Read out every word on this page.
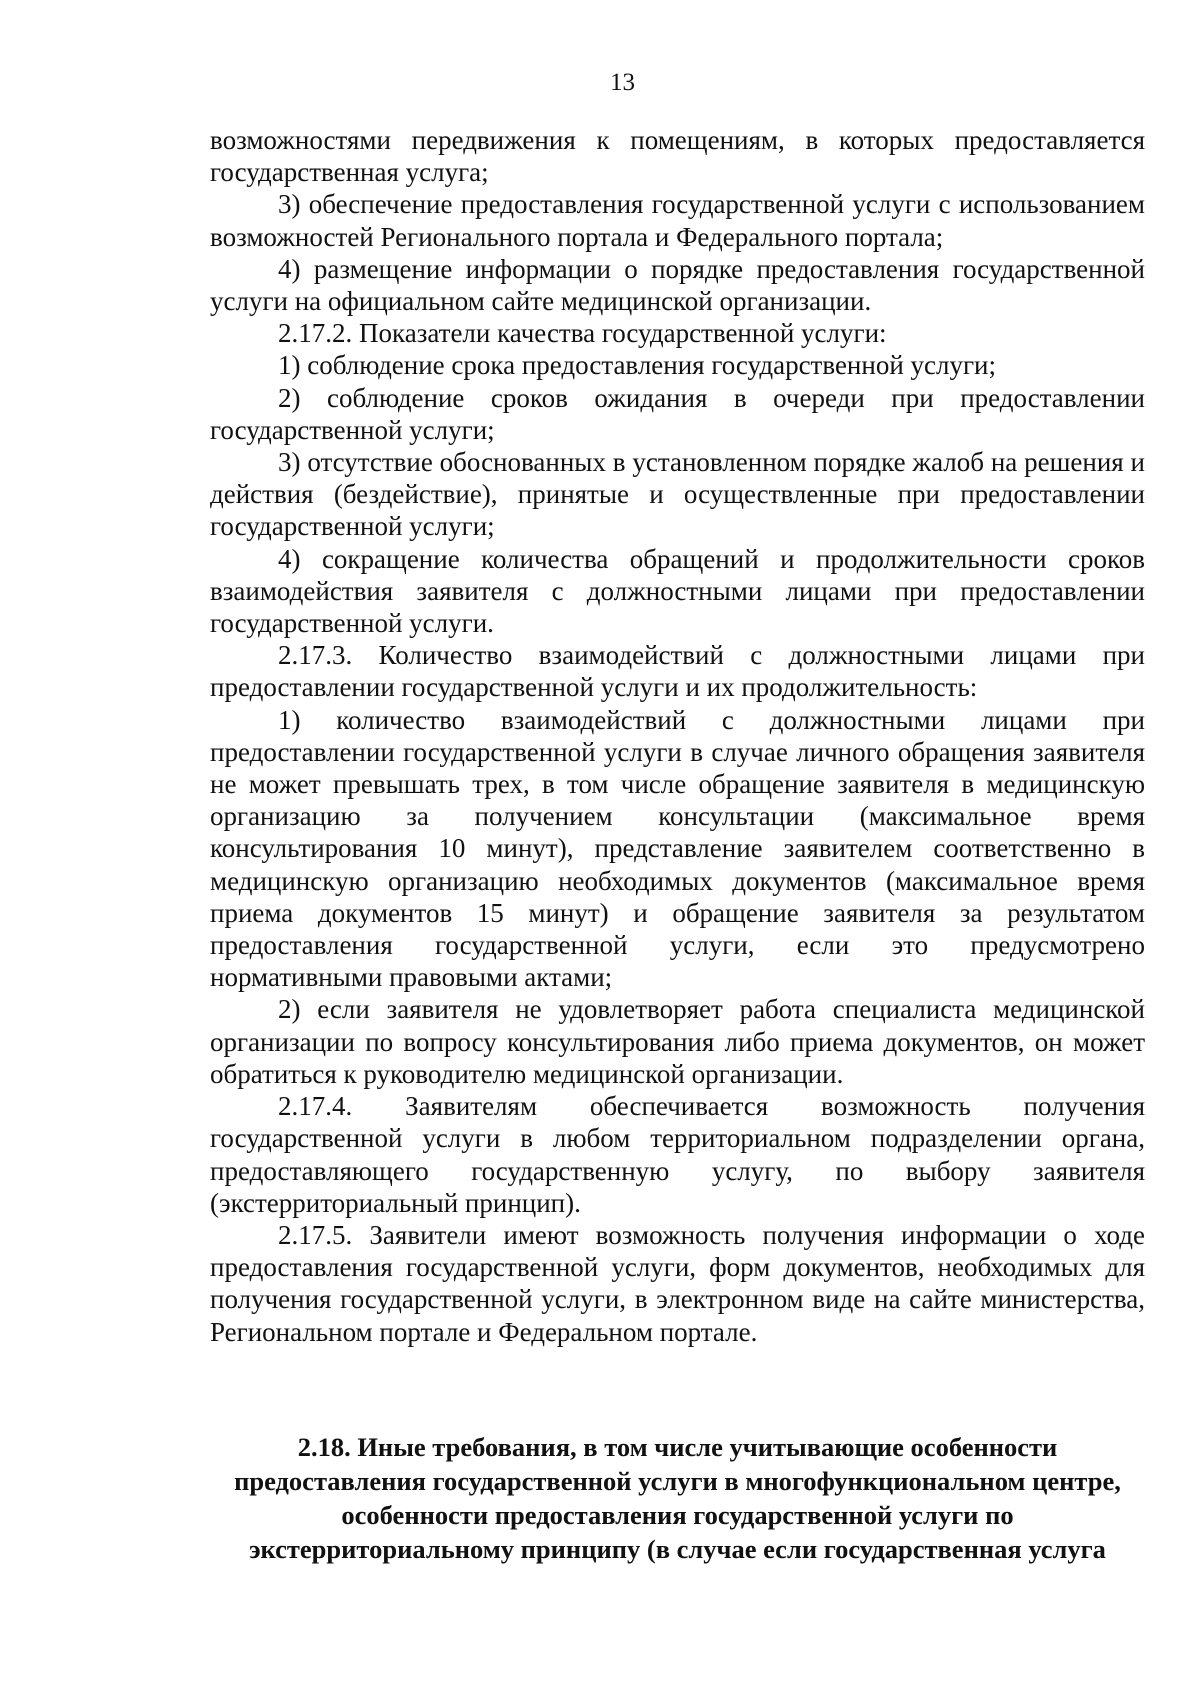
13

возможностями передвижения к помещениям, в которых предоставляется государственная услуга;

3) обеспечение предоставления государственной услуги с использованием возможностей Регионального портала и Федерального портала;

4) размещение информации о порядке предоставления государственной услуги на официальном сайте медицинской организации.

2.17.2. Показатели качества государственной услуги:

1) соблюдение срока предоставления государственной услуги;

2) соблюдение сроков ожидания в очереди при предоставлении государственной услуги;

3) отсутствие обоснованных в установленном порядке жалоб на решения и действия (бездействие), принятые и осуществленные при предоставлении государственной услуги;

4) сокращение количества обращений и продолжительности сроков взаимодействия заявителя с должностными лицами при предоставлении государственной услуги.

2.17.3. Количество взаимодействий с должностными лицами при предоставлении государственной услуги и их продолжительность:

1) количество взаимодействий с должностными лицами при предоставлении государственной услуги в случае личного обращения заявителя не может превышать трех, в том числе обращение заявителя в медицинскую организацию за получением консультации (максимальное время консультирования 10 минут), представление заявителем соответственно в медицинскую организацию необходимых документов (максимальное время приема документов 15 минут) и обращение заявителя за результатом предоставления государственной услуги, если это предусмотрено нормативными правовыми актами;

2) если заявителя не удовлетворяет работа специалиста медицинской организации по вопросу консультирования либо приема документов, он может обратиться к руководителю медицинской организации.

2.17.4. Заявителям обеспечивается возможность получения государственной услуги в любом территориальном подразделении органа, предоставляющего государственную услугу, по выбору заявителя (экстерриториальный принцип).

2.17.5. Заявители имеют возможность получения информации о ходе предоставления государственной услуги, форм документов, необходимых для получения государственной услуги, в электронном виде на сайте министерства, Региональном портале и Федеральном портале.

2.18. Иные требования, в том числе учитывающие особенности предоставления государственной услуги в многофункциональном центре, особенности предоставления государственной услуги по экстерриториальному принципу (в случае если государственная услуга
